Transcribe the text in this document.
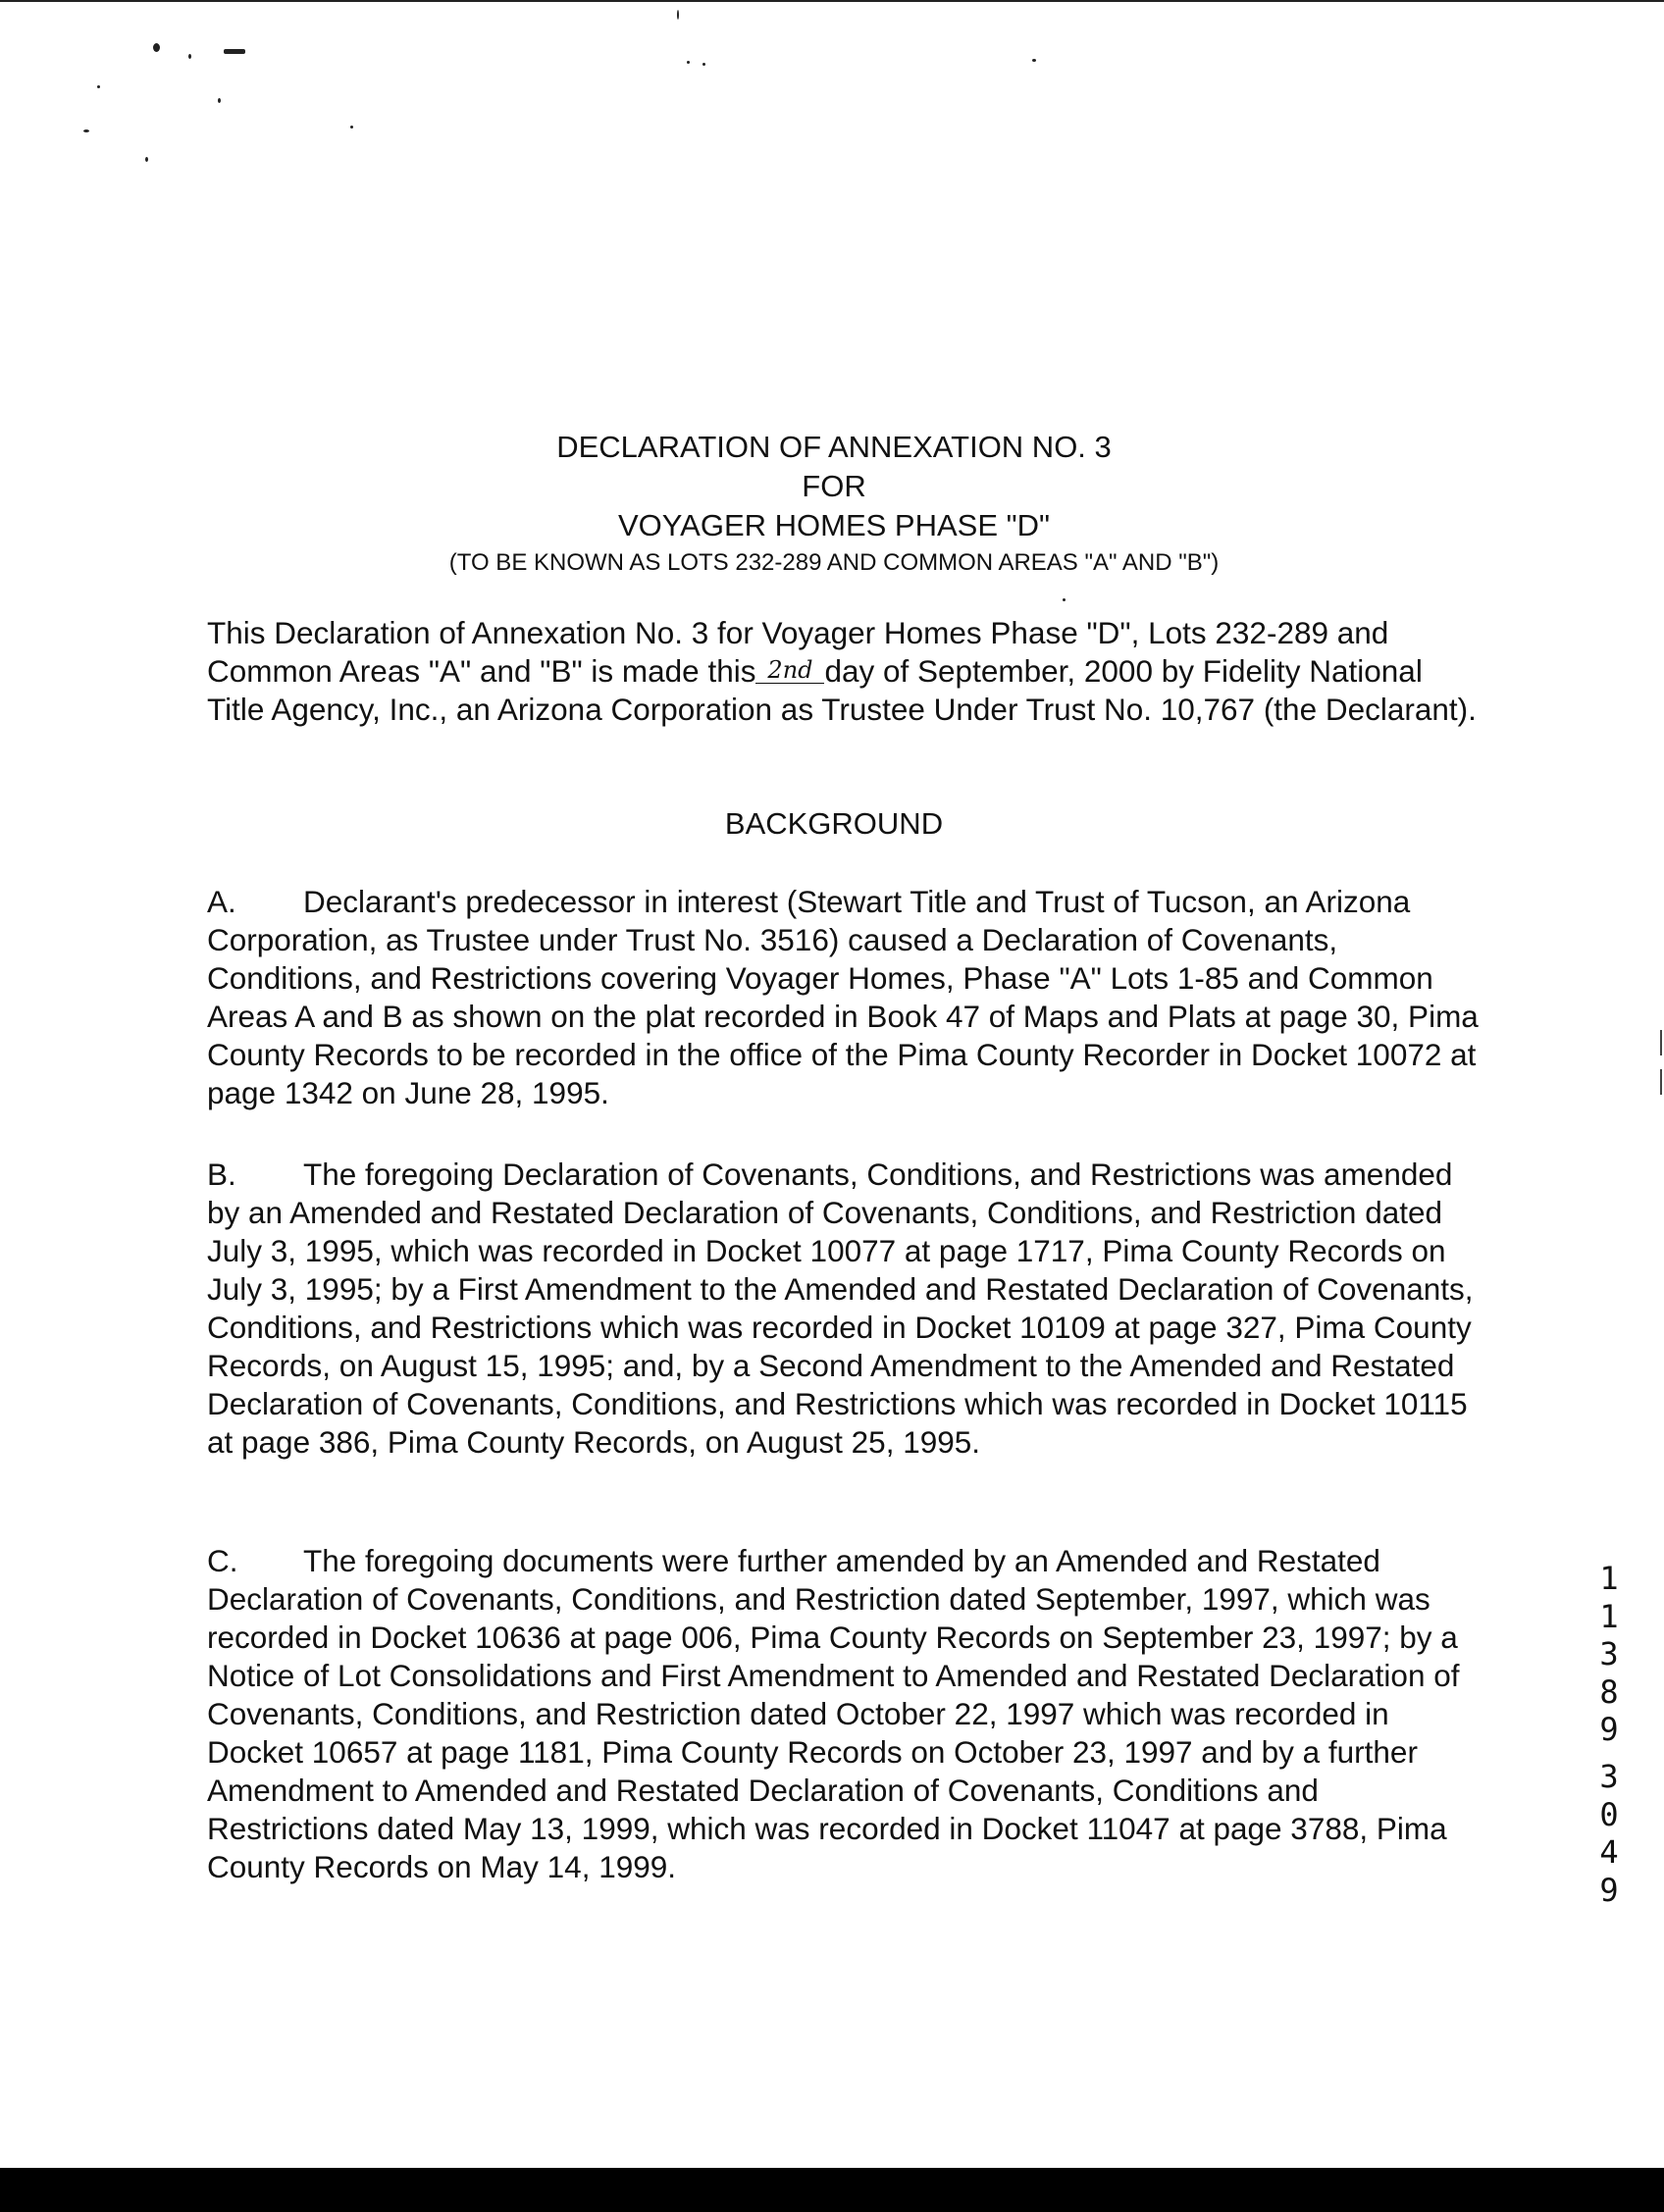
DECLARATION OF ANNEXATION NO. 3
FOR
VOYAGER HOMES PHASE "D"
(TO BE KNOWN AS LOTS 232-289 AND COMMON AREAS "A" AND "B")

This Declaration of Annexation No. 3 for Voyager Homes Phase "D", Lots 232-289 and Common Areas "A" and "B" is made this 2nd day of September, 2000 by Fidelity National Title Agency, Inc., an Arizona Corporation as Trustee Under Trust No. 10,767 (the Declarant).

BACKGROUND

A. Declarant's predecessor in interest (Stewart Title and Trust of Tucson, an Arizona Corporation, as Trustee under Trust No. 3516) caused a Declaration of Covenants, Conditions, and Restrictions covering Voyager Homes, Phase "A" Lots 1-85 and Common Areas A and B as shown on the plat recorded in Book 47 of Maps and Plats at page 30, Pima County Records to be recorded in the office of the Pima County Recorder in Docket 10072 at page 1342 on June 28, 1995.

B. The foregoing Declaration of Covenants, Conditions, and Restrictions was amended by an Amended and Restated Declaration of Covenants, Conditions, and Restriction dated July 3, 1995, which was recorded in Docket 10077 at page 1717, Pima County Records on July 3, 1995; by a First Amendment to the Amended and Restated Declaration of Covenants, Conditions, and Restrictions which was recorded in Docket 10109 at page 327, Pima County Records, on August 15, 1995; and, by a Second Amendment to the Amended and Restated Declaration of Covenants, Conditions, and Restrictions which was recorded in Docket 10115 at page 386, Pima County Records, on August 25, 1995.

C. The foregoing documents were further amended by an Amended and Restated Declaration of Covenants, Conditions, and Restriction dated September, 1997, which was recorded in Docket 10636 at page 006, Pima County Records on September 23, 1997; by a Notice of Lot Consolidations and First Amendment to Amended and Restated Declaration of Covenants, Conditions, and Restriction dated October 22, 1997 which was recorded in Docket 10657 at page 1181, Pima County Records on October 23, 1997 and by a further Amendment to Amended and Restated Declaration of Covenants, Conditions and Restrictions dated May 13, 1999, which was recorded in Docket 11047 at page 3788, Pima County Records on May 14, 1999.

1
1
3
8
9
3
0
4
9
